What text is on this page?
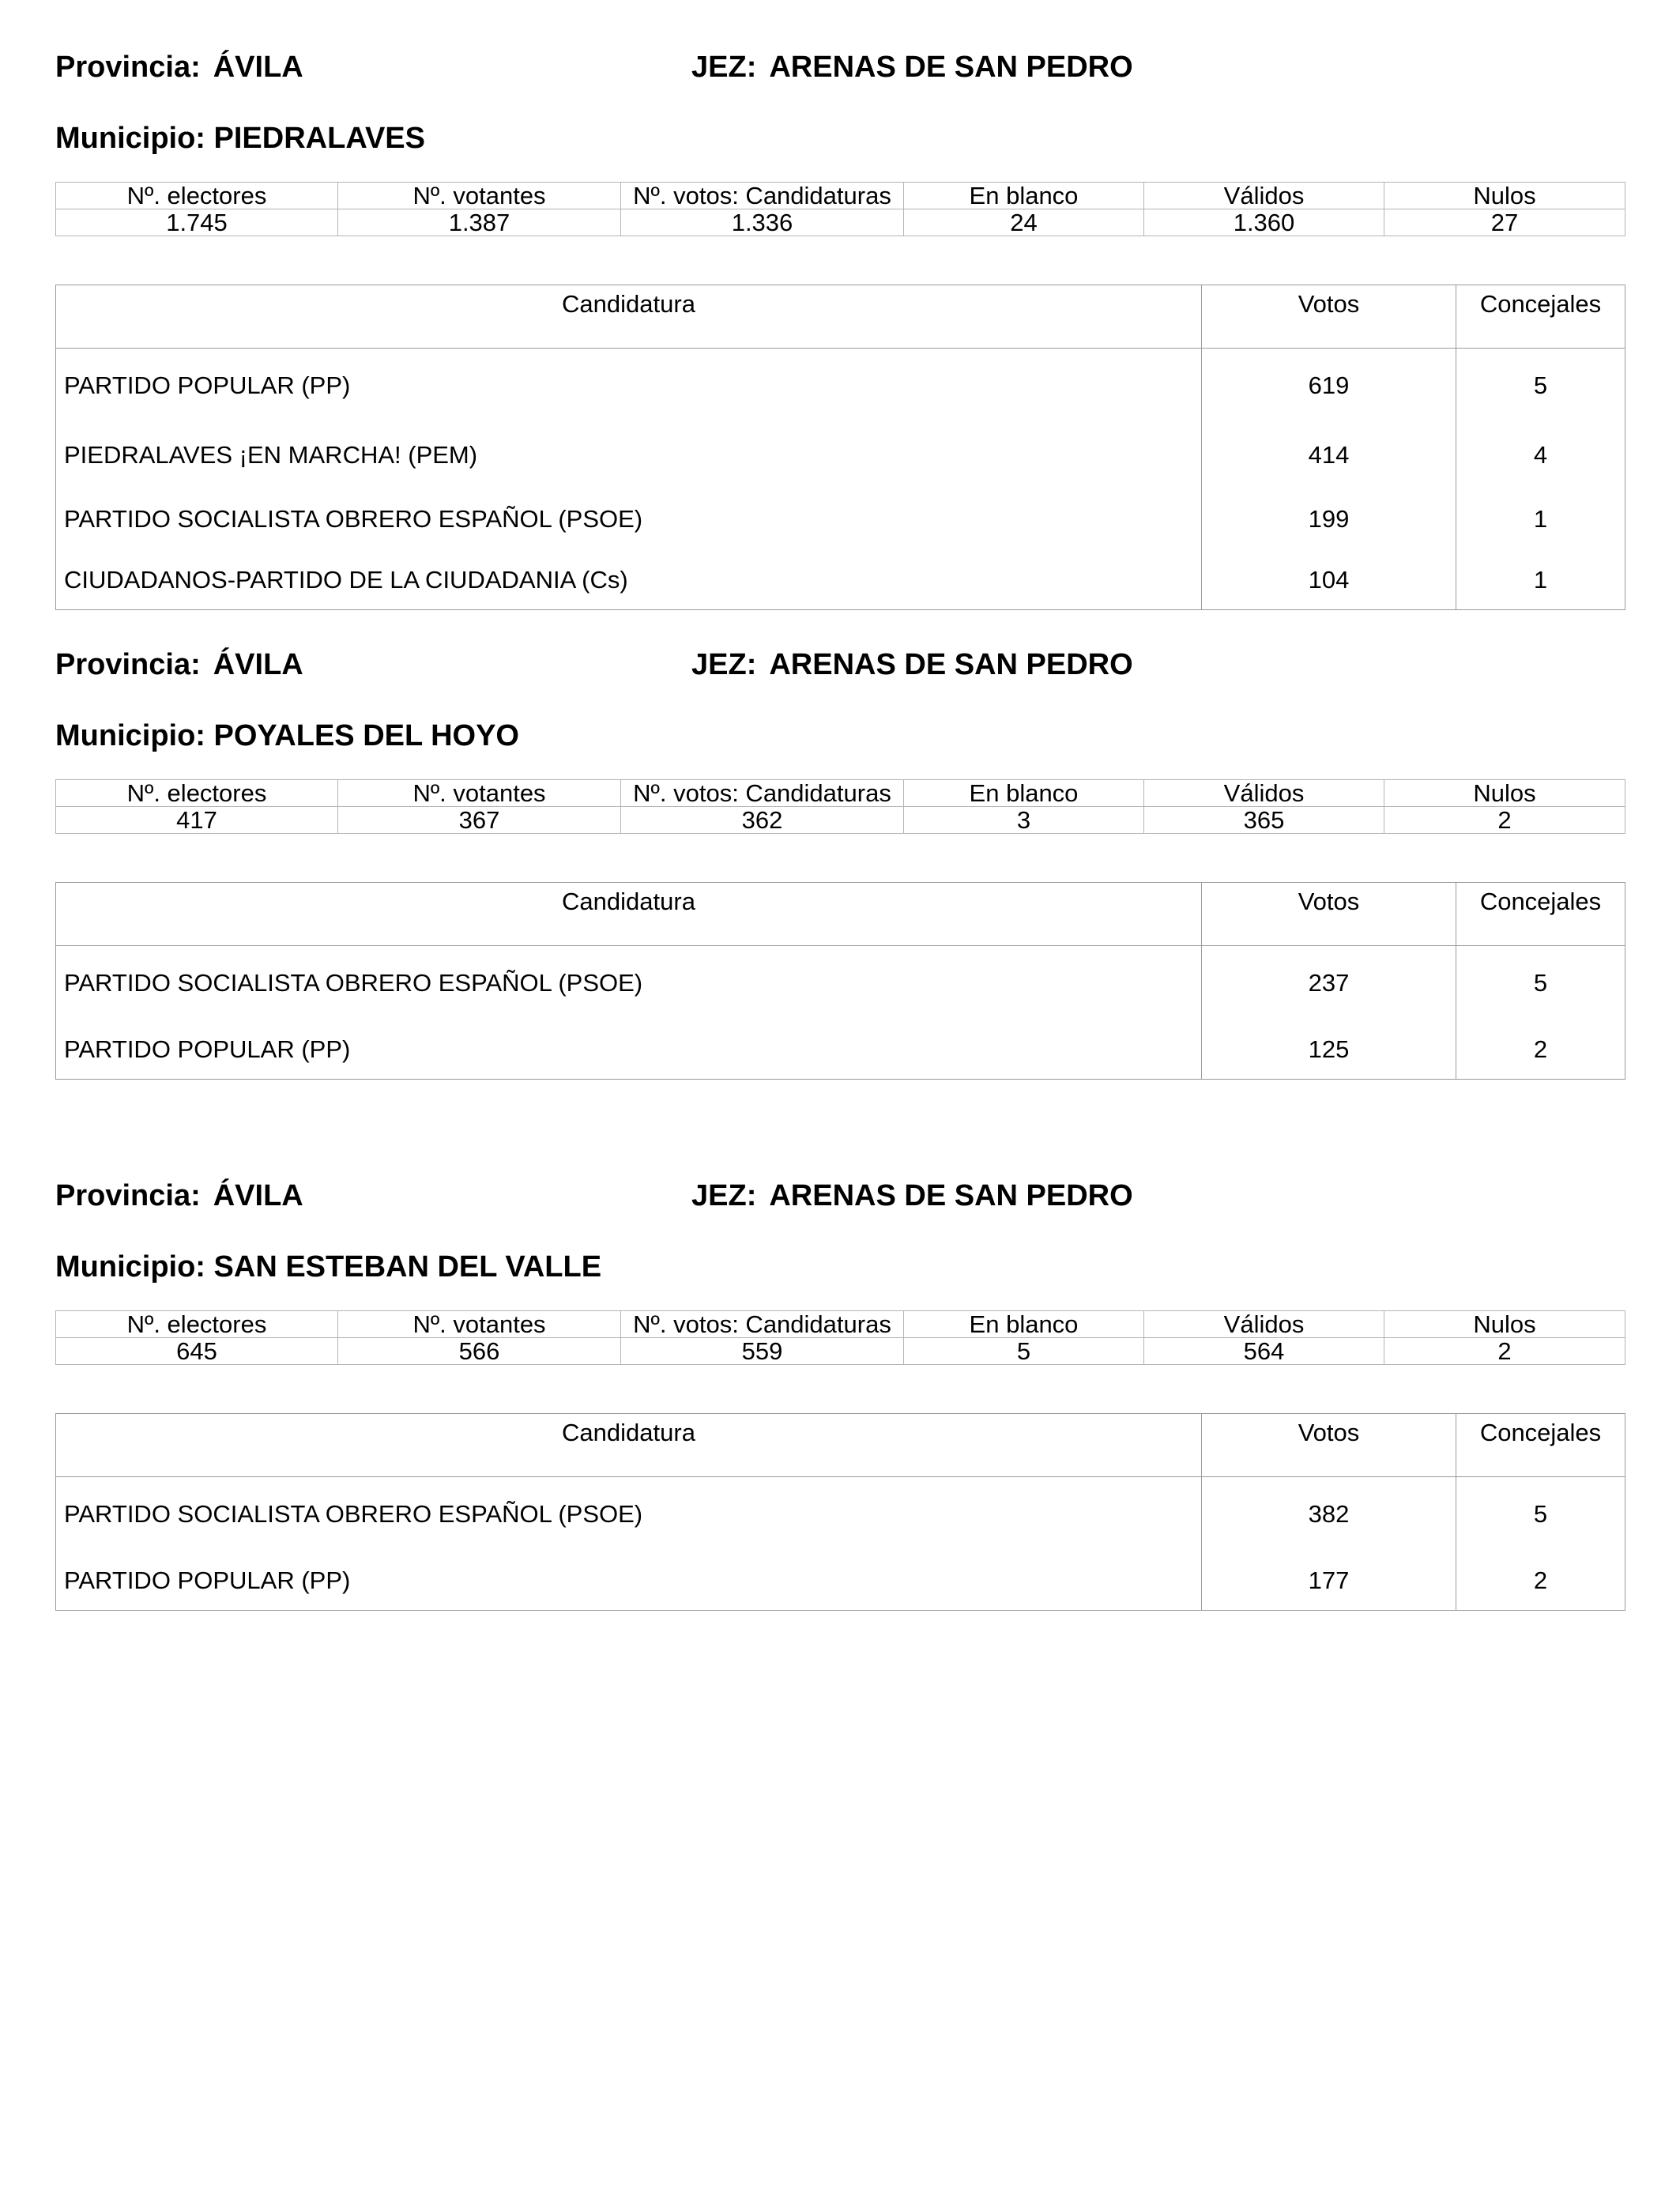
Provincia: ÁVILA	JEZ: ARENAS DE SAN PEDRO
Municipio: PIEDRALAVES
Nº. electores	Nº. votantes	Nº. votos: Candidaturas	En blanco	Válidos	Nulos
1.745	1.387	1.336	24	1.360	27
Candidatura	Votos	Concejales
PARTIDO POPULAR (PP)	619	5
PIEDRALAVES ¡EN MARCHA! (PEM)	414	4
PARTIDO SOCIALISTA OBRERO ESPAÑOL (PSOE)	199	1
CIUDADANOS-PARTIDO DE LA CIUDADANIA (Cs)	104	1
Provincia: ÁVILA	JEZ: ARENAS DE SAN PEDRO
Municipio: POYALES DEL HOYO
Nº. electores	Nº. votantes	Nº. votos: Candidaturas	En blanco	Válidos	Nulos
417	367	362	3	365	2
Candidatura	Votos	Concejales
PARTIDO SOCIALISTA OBRERO ESPAÑOL (PSOE)	237	5
PARTIDO POPULAR (PP)	125	2
Provincia: ÁVILA	JEZ: ARENAS DE SAN PEDRO
Municipio: SAN ESTEBAN DEL VALLE
Nº. electores	Nº. votantes	Nº. votos: Candidaturas	En blanco	Válidos	Nulos
645	566	559	5	564	2
Candidatura	Votos	Concejales
PARTIDO SOCIALISTA OBRERO ESPAÑOL (PSOE)	382	5
PARTIDO POPULAR (PP)	177	2
